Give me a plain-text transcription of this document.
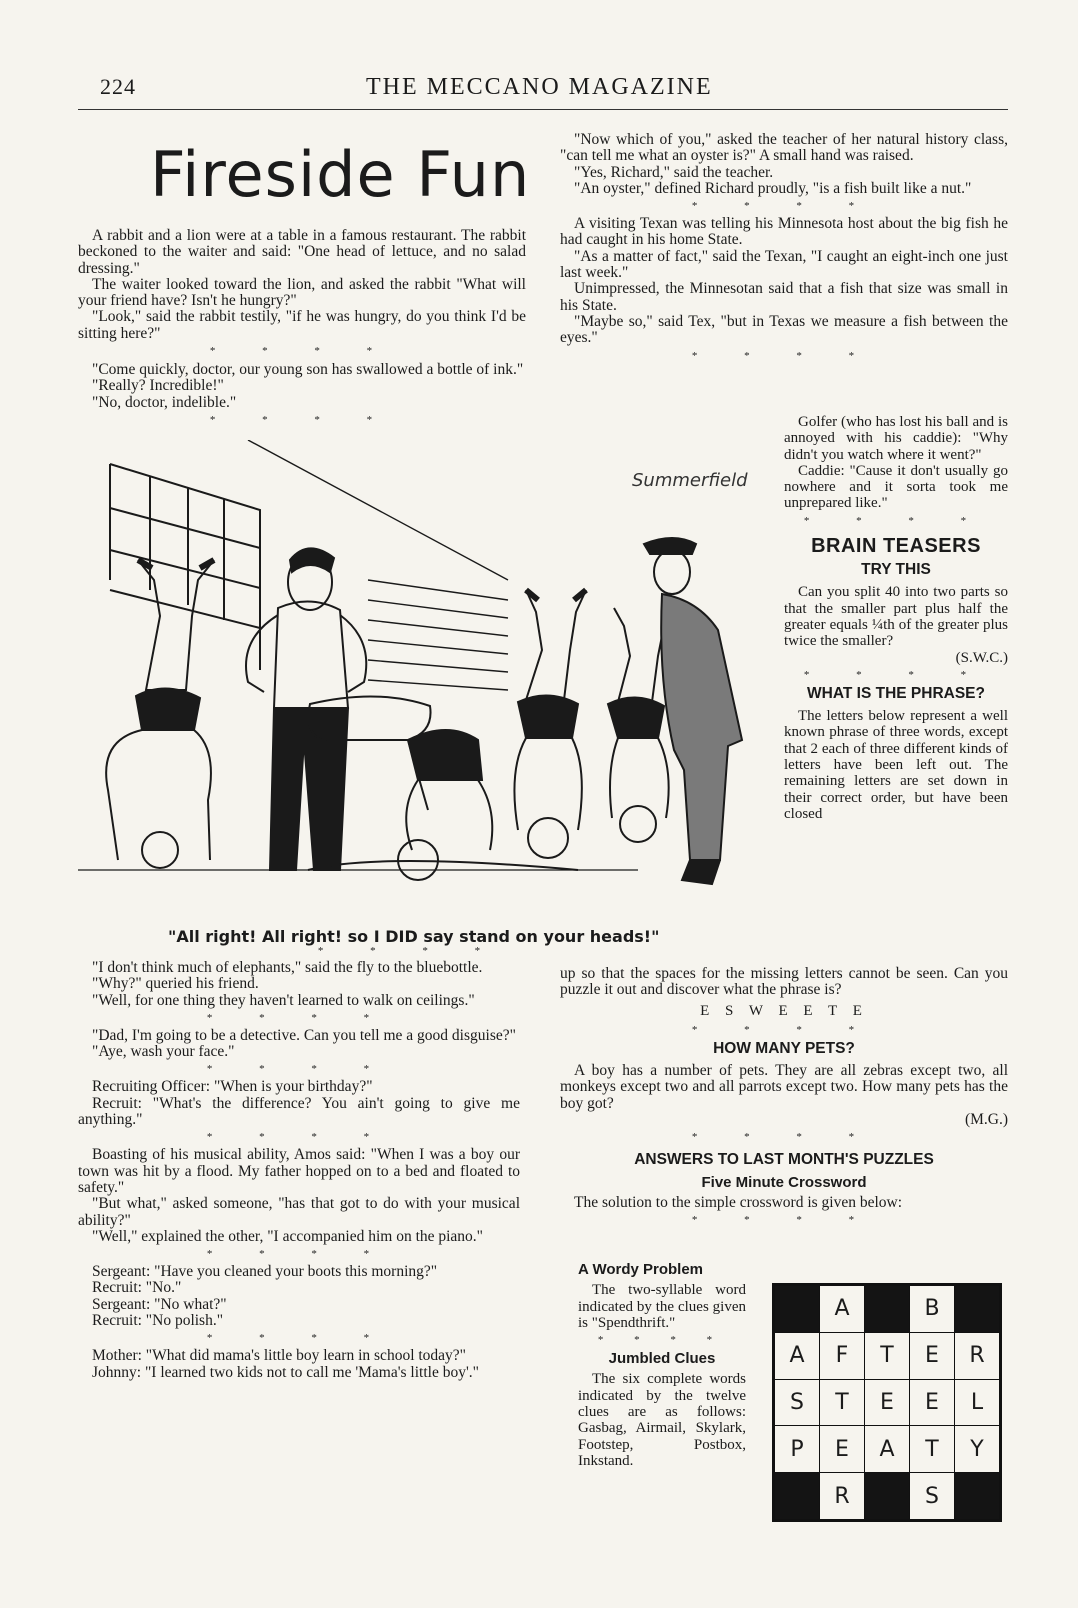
224	THE MECCANO MAGAZINE
Fireside Fun

A rabbit and a lion were at a table in a famous restaurant. The rabbit beckoned to the waiter and said: "One head of lettuce, and no salad dressing."

The waiter looked toward the lion, and asked the rabbit "What will your friend have? Isn't he hungry?"

"Look," said the rabbit testily, "if he was hungry, do you think I'd be sitting here?"

* * * *

"Come quickly, doctor, our young son has swallowed a bottle of ink."

"Really? Incredible!"

"No, doctor, indelible."

* * * *

"Now which of you," asked the teacher of her natural history class, "can tell me what an oyster is?" A small hand was raised.

"Yes, Richard," said the teacher.

"An oyster," defined Richard proudly, "is a fish built like a nut."

* * * *

A visiting Texan was telling his Minnesota host about the big fish he had caught in his home State.

"As a matter of fact," said the Texan, "I caught an eight-inch one just last week."

Unimpressed, the Minnesotan said that a fish that size was small in his State.

"Maybe so," said Tex, "but in Texas we measure a fish between the eyes."

* * * *

Golfer (who has lost his ball and is annoyed with his caddie): "Why didn't you watch where it went?"

Caddie: "Cause it don't usually go nowhere and it sorta took me unprepared like."

* * * *
BRAIN TEASERS
TRY THIS

Can you split 40 into two parts so that the smaller part plus half the greater equals ¼th of the greater plus twice the smaller?

(S.W.C.)

* * * *
WHAT IS THE PHRASE?

The letters below represent a well known phrase of three words, except that 2 each of three different kinds of letters have been left out. The remaining letters are set down in their correct order, but have been closed

Summerfield
"All right! All right! so I DID say stand on your heads!"
* * * *

"I don't think much of elephants," said the fly to the bluebottle.

"Why?" queried his friend.

"Well, for one thing they haven't learned to walk on ceilings."

* * * *

"Dad, I'm going to be a detective. Can you tell me a good disguise?"

"Aye, wash your face."

* * * *

Recruiting Officer: "When is your birthday?"

Recruit: "What's the difference? You ain't going to give me anything."

* * * *

Boasting of his musical ability, Amos said: "When I was a boy our town was hit by a flood. My father hopped on to a bed and floated to safety."

"But what," asked someone, "has that got to do with your musical ability?"

"Well," explained the other, "I accompanied him on the piano."

* * * *

Sergeant: "Have you cleaned your boots this morning?"

Recruit: "No."

Sergeant: "No what?"

Recruit: "No polish."

* * * *

Mother: "What did mama's little boy learn in school today?"

Johnny: "I learned two kids not to call me 'Mama's little boy'."

up so that the spaces for the missing letters cannot be seen. Can you puzzle it out and discover what the phrase is?

E S W E E T E
* * * *
HOW MANY PETS?

A boy has a number of pets. They are all zebras except two, all monkeys except two and all parrots except two. How many pets has the boy got?

(M.G.)

* * * *
ANSWERS TO LAST MONTH'S PUZZLES
Five Minute Crossword

The solution to the simple crossword is given below:

* * * *
A Wordy Problem

The two-syllable word indicated by the clues given is "Spendthrift."

* * * *
Jumbled Clues

The six complete words indicated by the twelve clues are as follows: Gasbag, Airmail, Skylark, Footstep, Postbox, Inkstand.

	A		B	
A	F	T	E	R
S	T	E	E	L
P	E	A	T	Y
	R		S	
